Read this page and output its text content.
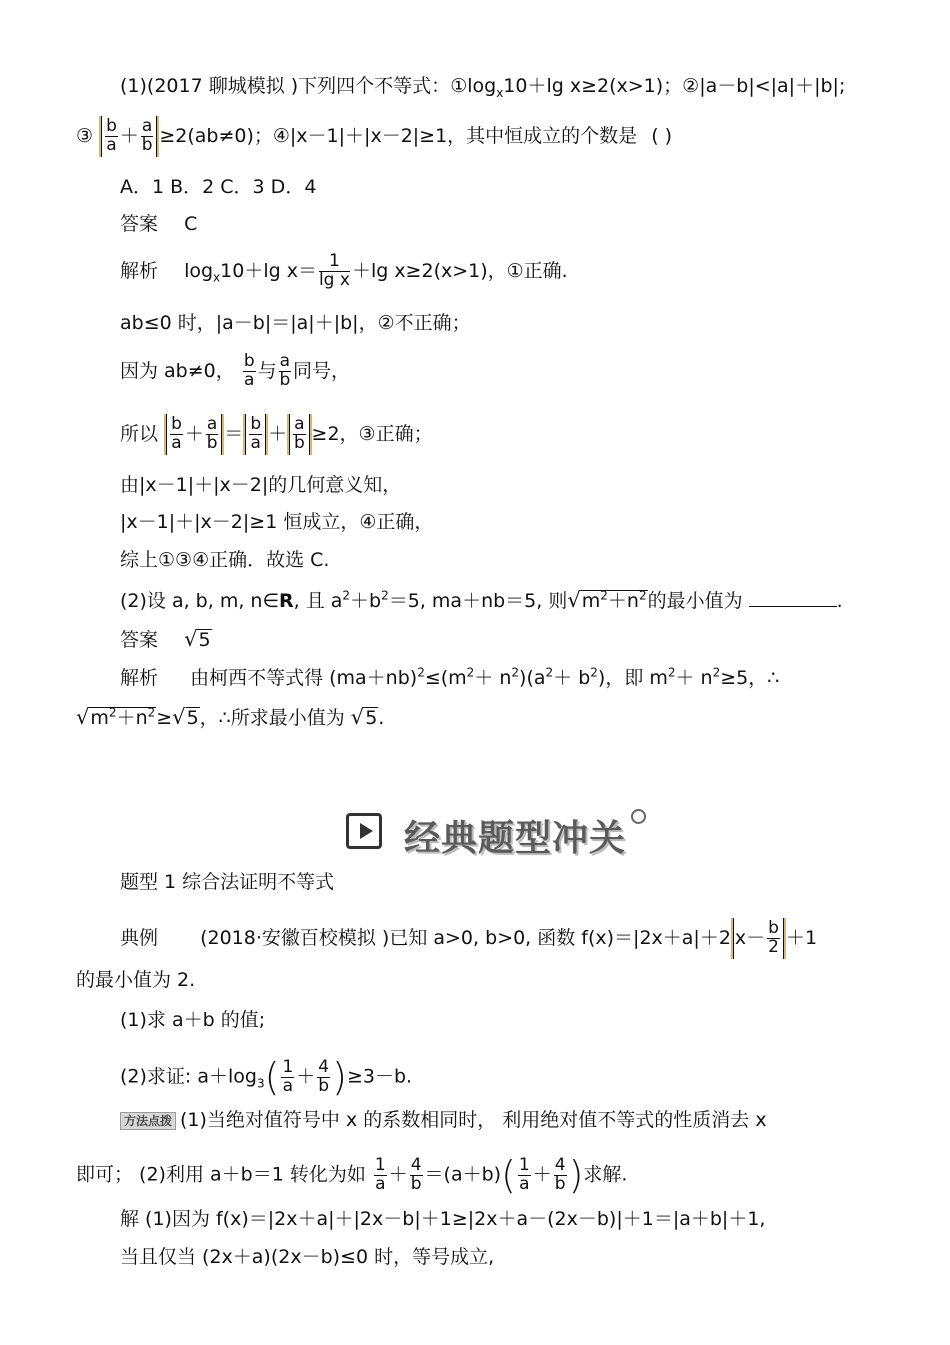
(1)(2017 聊城模拟 )下列四个不等式：$①\log_x10+\lg$ x≥2(x>1)；②|a－b|<|a|＋|b|;
③ $\frac{b}{a} + \frac{a}{b} \ge 2(ab\ne 0)$；④|x－1|＋|x－2|≥1，其中恒成立的个数是 ( )
A．1 B．2 C．3 D．4
答案 C
解析 $\log_x10+\lg$ $x= \frac{1}{\text{lg x}} +\lg$ x≥2(x>1)，①正确.
ab≤0 时，|a－b|＝|a|＋|b|，②不正确；
因为 ab≠0， $\frac{b}{a}$ 与 $\frac{a}{b}$ 同号，
所以 $\frac{b}{a} + \frac{a}{b} = \frac{b}{a} + \frac{a}{b} \ge 2$，③正确；
由|x－1|＋|x－2|的几何意义知，
|x－1|＋|x－2|≥1 恒成立，④正确，
综上①③④正确．故选 C.
(2)设 a, b, m, n∈R, 且 $a^2+b^2=5$, ma＋nb＝5, 则$√m^2+n^2$的最小值为	.
答案 √5
解析 由柯西不等式得 $(ma+nb)^2\le(m^2+ n^2)(a^2+ b^2)$，即 $m^2+ n^2\ge 5$，∴
$√m^2+n^2\ge√5$，∴所求最小值为 √5.
经典题型冲关
题型 1 综合法证明不等式
典例 (2018·安徽百校模拟 )已知 a>0, b>0, 函数 f(x)＝|2x＋a|＋2 $x- \frac{b}{2} +1$
的最小值为 2.
(1)求 a＋b 的值;
(2)求证: $a+\log_3( \frac{1}{a} + \frac{4}{b} )\ge 3-b$.
方法点拨 (1)当绝对值符号中 x 的系数相同时， 利用绝对值不等式的性质消去 x
即可； (2)利用 a＋b＝1 转化为如 $\frac{1}{a} + \frac{4}{b} =(a+b)( \frac{1}{a} + \frac{4}{b}$ )求解.
解 (1)因为 f(x)＝|2x＋a|＋|2x－b|＋1≥|2x＋a－(2x－b)|＋1＝|a＋b|＋1,
当且仅当 (2x＋a)(2x－b)≤0 时，等号成立,
